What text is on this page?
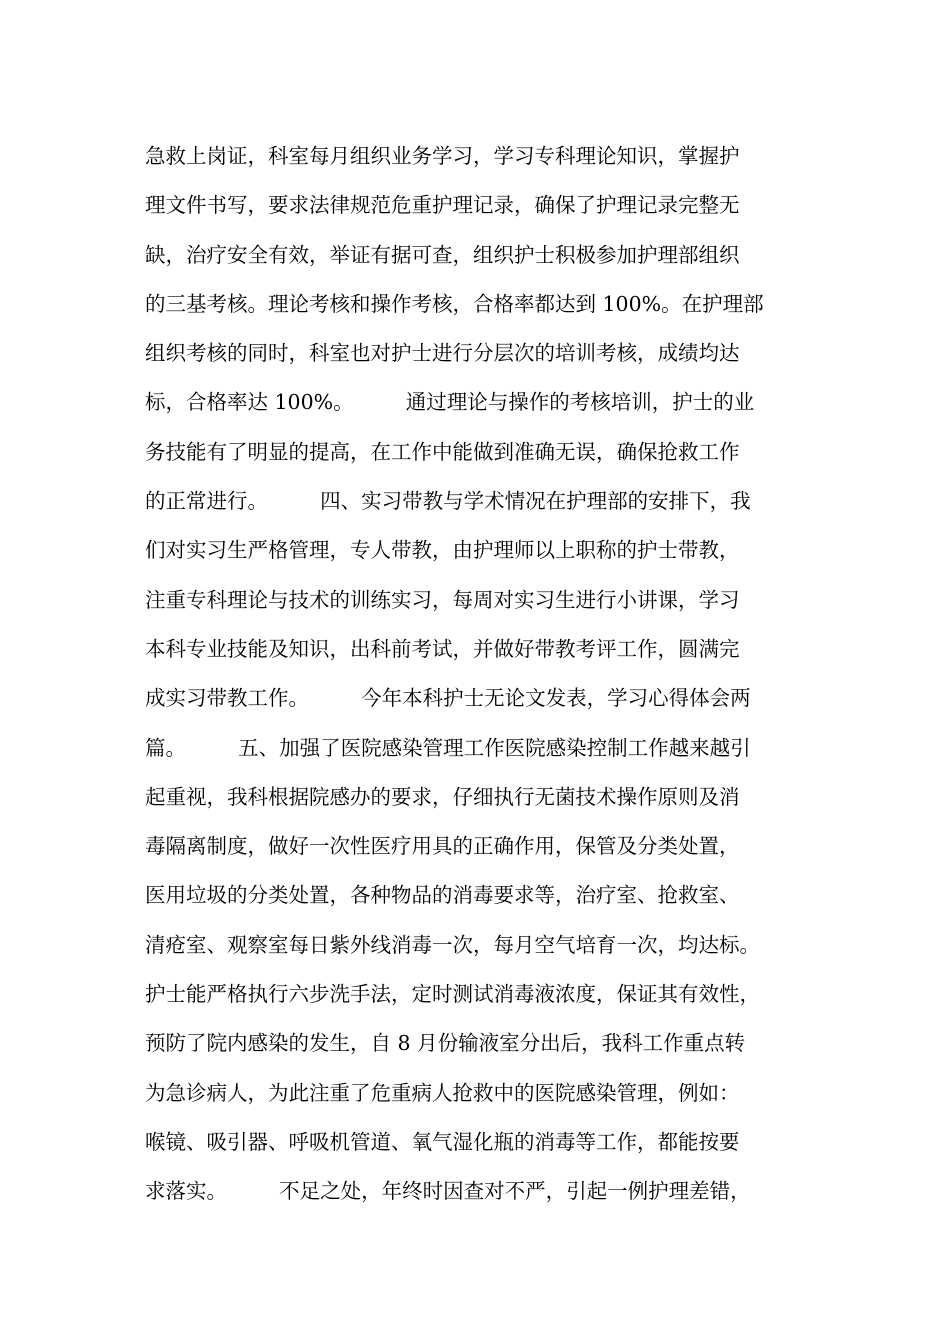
急救上岗证，科室每月组织业务学习，学习专科理论知识，掌握护
理文件书写，要求法律规范危重护理记录，确保了护理记录完整无
缺，治疗安全有效，举证有据可查，组织护士积极参加护理部组织
的三基考核。理论考核和操作考核，合格率都达到 100%。在护理部
组织考核的同时，科室也对护士进行分层次的培训考核，成绩均达
标，合格率达 100%。        通过理论与操作的考核培训，护士的业
务技能有了明显的提高，在工作中能做到准确无误，确保抢救工作
的正常进行。        四、实习带教与学术情况在护理部的安排下，我
们对实习生严格管理，专人带教，由护理师以上职称的护士带教，
注重专科理论与技术的训练实习，每周对实习生进行小讲课，学习
本科专业技能及知识，出科前考试，并做好带教考评工作，圆满完
成实习带教工作。        今年本科护士无论文发表，学习心得体会两
篇。        五、加强了医院感染管理工作医院感染控制工作越来越引
起重视，我科根据院感办的要求，仔细执行无菌技术操作原则及消
毒隔离制度，做好一次性医疗用具的正确作用，保管及分类处置，
医用垃圾的分类处置，各种物品的消毒要求等，治疗室、抢救室、
清疮室、观察室每日紫外线消毒一次，每月空气培育一次，均达标。
护士能严格执行六步洗手法，定时测试消毒液浓度，保证其有效性，
预防了院内感染的发生，自 8 月份输液室分出后，我科工作重点转
为急诊病人，为此注重了危重病人抢救中的医院感染管理，例如：
喉镜、吸引器、呼吸机管道、氧气湿化瓶的消毒等工作，都能按要
求落实。        不足之处，年终时因查对不严，引起一例护理差错，
